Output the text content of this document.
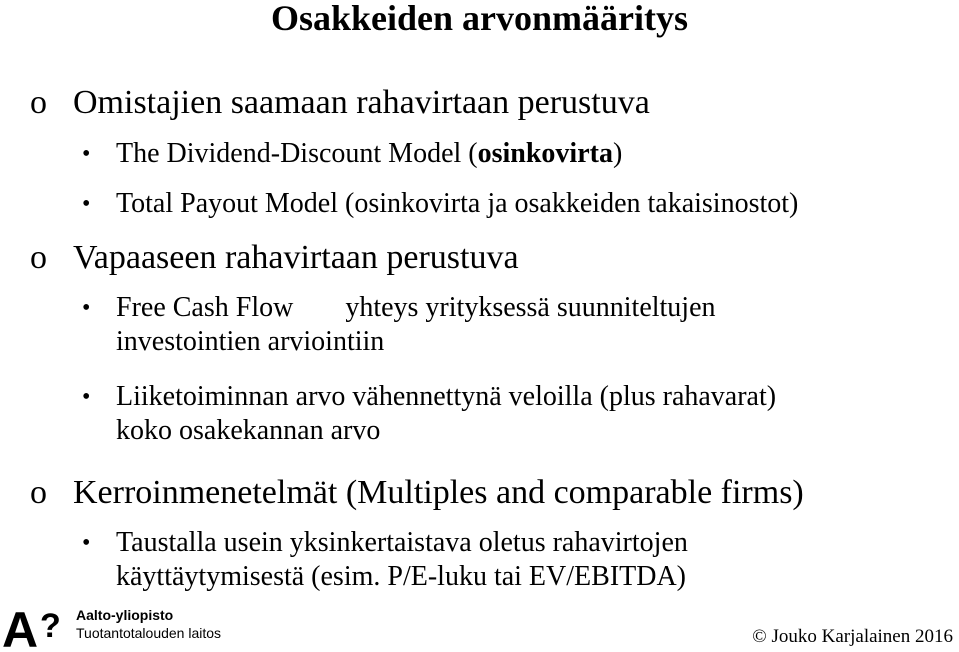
Osakkeiden arvonmääritys
o Omistajien saamaan rahavirtaan perustuva
• The Dividend-Discount Model (osinkovirta)
• Total Payout Model (osinkovirta ja osakkeiden takaisinostot)
o Vapaaseen rahavirtaan perustuva
• Free Cash Flow yhteys yrityksessä suunniteltujen
investointien arviointiin
• Liiketoiminnan arvo vähennettynä veloilla (plus rahavarat)
koko osakekannan arvo
o Kerroinmenetelmät (Multiples and comparable firms)
• Taustalla usein yksinkertaistava oletus rahavirtojen
käyttäytymisestä (esim. P/E-luku tai EV/EBITDA)
A ? Aalto-yliopisto
Tuotantotalouden laitos	© Jouko Karjalainen 2016
